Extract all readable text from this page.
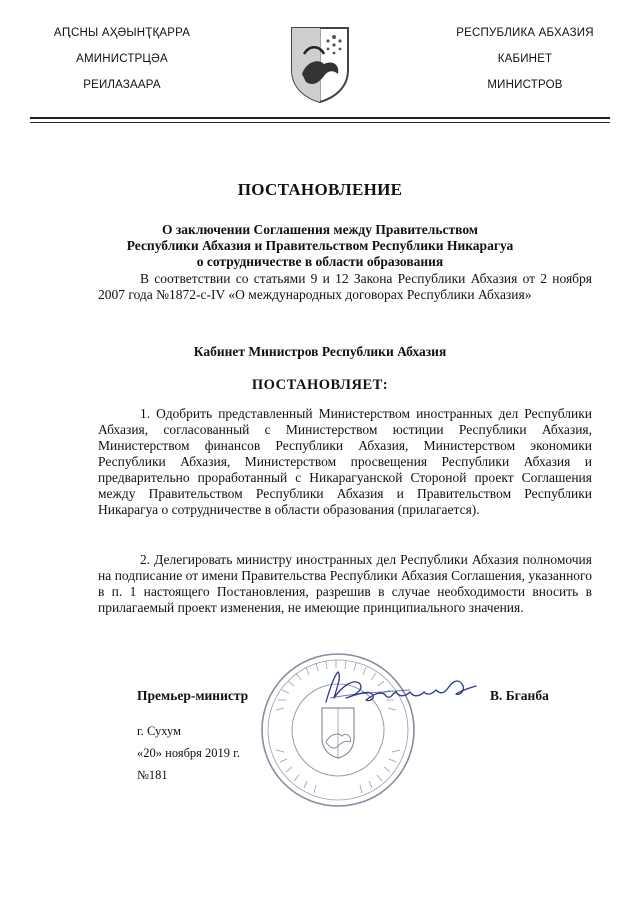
АԤСНЫ АҲӘЫНҬҚАРРА
АМИНИСТРЦӘА
РЕИЛАЗААРА
РЕСПУБЛИКА АБХАЗИЯ
КАБИНЕТ
МИНИСТРОВ
ПОСТАНОВЛЕНИЕ
О заключении Соглашения между Правительством
Республики Абхазия и Правительством Республики Никарагуа
о сотрудничестве в области образования
В соответствии со статьями 9 и 12 Закона Республики Абхазия от 2 ноября 2007 года №1872-с-IV «О международных договорах Республики Абхазия»
Кабинет Министров Республики Абхазия
ПОСТАНОВЛЯЕТ:
1. Одобрить представленный Министерством иностранных дел Республики Абхазия, согласованный с Министерством юстиции Республики Абхазия, Министерством финансов Республики Абхазия, Министерством экономики Республики Абхазия, Министерством просвещения Республики Абхазия и предварительно проработанный с Никарагуанской Стороной проект Соглашения между Правительством Республики Абхазия и Правительством Республики Никарагуа о сотрудничестве в области образования (прилагается).
2. Делегировать министру иностранных дел Республики Абхазия полномочия на подписание от имени Правительства Республики Абхазия Соглашения, указанного в п. 1 настоящего Постановления, разрешив в случае необходимости вносить в прилагаемый проект изменения, не имеющие принципиального значения.
Премьер-министр	В. Бганба
г. Сухум
«20» ноября 2019 г.
№181
